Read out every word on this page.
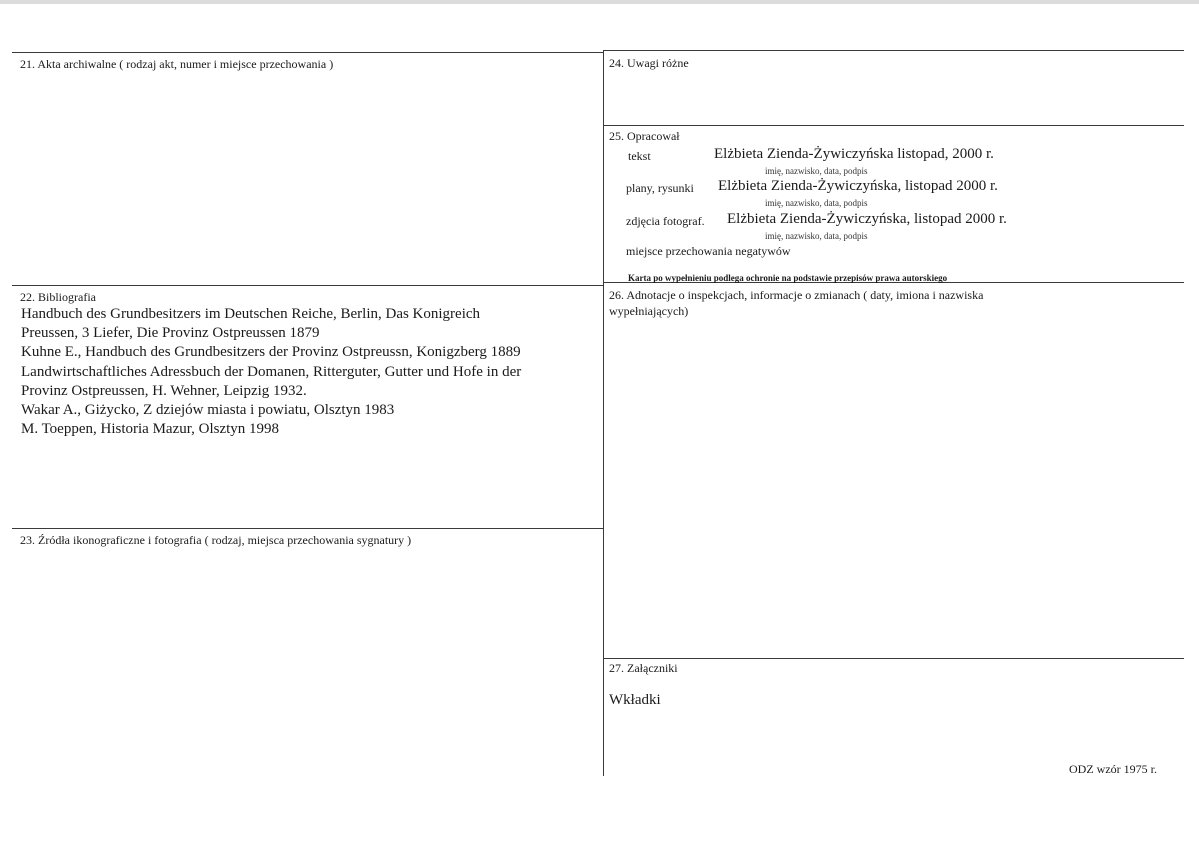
21. Akta archiwalne ( rodzaj akt, numer i miejsce przechowania )
22. Bibliografia
Handbuch des Grundbesitzers im Deutschen Reiche, Berlin, Das Konigreich
Preussen, 3 Liefer, Die Provinz Ostpreussen 1879
Kuhne E., Handbuch des Grundbesitzers der Provinz Ostpreussn, Konigzberg 1889
Landwirtschaftliches Adressbuch der Domanen, Ritterguter, Gutter und Hofe in der
Provinz Ostpreussen, H. Wehner, Leipzig 1932.
Wakar A., Giżycko, Z dziejów miasta i powiatu, Olsztyn 1983
M. Toeppen, Historia Mazur, Olsztyn 1998
23. Źródła ikonograficzne i fotografia ( rodzaj, miejsca przechowania sygnatury )
24. Uwagi różne
25. Opracował
tekst	Elżbieta Zienda-Żywiczyńska listopad, 2000 r.
imię, nazwisko, data, podpis
plany, rysunki Elżbieta Zienda-Żywiczyńska, listopad 2000 r.
imię, nazwisko, data, podpis
zdjęcia fotograf. Elżbieta Zienda-Żywiczyńska, listopad 2000 r.
imię, nazwisko, data, podpis
miejsce przechowania negatywów
Karta po wypełnieniu podlega ochronie na podstawie przepisów prawa autorskiego
26. Adnotacje o inspekcjach, informacje o zmianach ( daty, imiona i nazwiska
wypełniających)
27. Załączniki
Wkładki
ODZ wzór 1975 r.
